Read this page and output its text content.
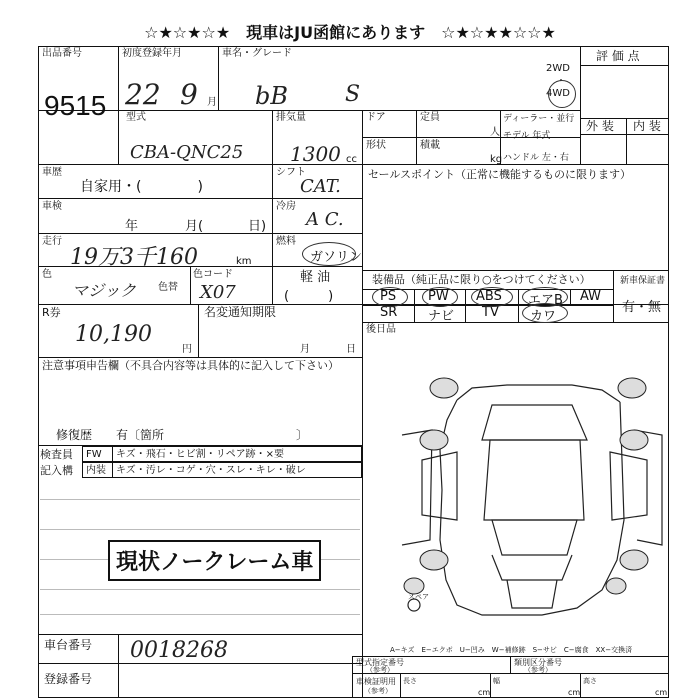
☆★☆★☆★　現車はJU函館にあります　☆★☆★★☆☆★
出品番号
9515
初度登録年月
22 9 月
車名・グレード
bB	S
2WD
・
4WD
評 価 点
外 装 内 装
型式
CBA-QNC25
排気量
1300 cc
ドア	定員
人
ディーラー・並行
モデル 年式
ハンドル 左・右
形状	積載
kg
車歴
自家用・(　　　　)
シフト
CAT.
セールスポイント（正常に機能するものに限ります）
車検
年	月(	日)
冷房
A C.
走行
19万3千160	km
燃料
ガソリン
軽 油
(　　　)
色
マジック 色替
色コード
X07
装備品（純正品に限り○をつけてください）	新車保証書
有・無
PS PW ABS エアB AW
SR ナビ TV カワ
後日品
R券
10,190
円
名変通知期限
月	日
注意事項申告欄（不具合内容等は具体的に記入して下さい）
修復歴　　有〔箇所　　　　　　　　　　　〕
検査員
記入構
FW キズ・飛石・ヒビ割・リペア跡・×要
内装 キズ・汚レ・コゲ・穴・スレ・キレ・破レ
現状ノークレーム車
スペア
A−キズ　E−エクボ　U−凹み　W−補修跡　S−サビ　C−腐食　XX−交換済
車台番号 0018268
登録番号
型式指定番号
（参考）
類別区分番号
（参考）
車検証明用
（参考）
長さ
cm
幅
cm
高さ
cm
